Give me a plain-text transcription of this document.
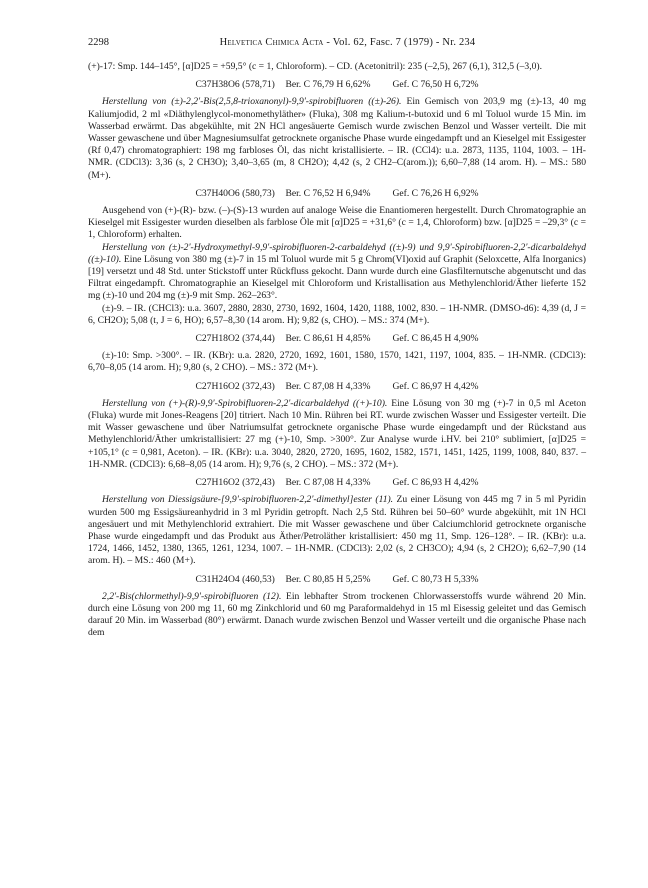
2298	Helvetica Chimica Acta - Vol. 62, Fasc. 7 (1979) - Nr. 234

(+)-17: Smp. 144–145°, [α]D25 = +59,5° (c = 1, Chloroform). – CD. (Acetonitril): 235 (–2,5), 267 (6,1), 312,5 (–3,0).

C37H38O6 (578,71) Ber. C 76,79 H 6,62% Gef. C 76,50 H 6,72%

Herstellung von (±)-2,2'-Bis(2,5,8-trioxanonyl)-9,9'-spirobifluoren ((±)-26). Ein Gemisch von 203,9 mg (±)-13, 40 mg Kaliumjodid, 2 ml «Diäthylenglycol-monomethyläther» (Fluka), 308 mg Kalium-t-butoxid und 6 ml Toluol wurde 15 Min. im Wasserbad erwärmt. Das abgekühlte, mit 2N HCl angesäuerte Gemisch wurde zwischen Benzol und Wasser verteilt. Die mit Wasser gewaschene und über Magnesiumsulfat getrocknete organische Phase wurde eingedampft und an Kieselgel mit Essigester (Rf 0,47) chromatographiert: 198 mg farbloses Öl, das nicht kristallisierte. – IR. (CCl4): u.a. 2873, 1135, 1104, 1003. – 1H-NMR. (CDCl3): 3,36 (s, 2 CH3O); 3,40–3,65 (m, 8 CH2O); 4,42 (s, 2 CH2–C(arom.)); 6,60–7,88 (14 arom. H). – MS.: 580 (M+).

C37H40O6 (580,73) Ber. C 76,52 H 6,94% Gef. C 76,26 H 6,92%

Ausgehend von (+)-(R)- bzw. (–)-(S)-13 wurden auf analoge Weise die Enantiomeren hergestellt. Durch Chromatographie an Kieselgel mit Essigester wurden dieselben als farblose Öle mit [α]D25 = +31,6° (c = 1,4, Chloroform) bzw. [α]D25 = –29,3° (c = 1, Chloroform) erhalten.

Herstellung von (±)-2'-Hydroxymethyl-9,9'-spirobifluoren-2-carbaldehyd ((±)-9) und 9,9'-Spirobifluoren-2,2'-dicarbaldehyd ((±)-10). Eine Lösung von 380 mg (±)-7 in 15 ml Toluol wurde mit 5 g Chrom(VI)oxid auf Graphit (Seloxcette, Alfa Inorganics) [19] versetzt und 48 Std. unter Stickstoff unter Rückfluss gekocht. Dann wurde durch eine Glasfilternutsche abgenutscht und das Filtrat eingedampft. Chromatographie an Kieselgel mit Chloroform und Kristallisation aus Methylenchlorid/Äther lieferte 152 mg (±)-10 und 204 mg (±)-9 mit Smp. 262–263°.

(±)-9. – IR. (CHCl3): u.a. 3607, 2880, 2830, 2730, 1692, 1604, 1420, 1188, 1002, 830. – 1H-NMR. (DMSO-d6): 4,39 (d, J = 6, CH2O); 5,08 (t, J = 6, HO); 6,57–8,30 (14 arom. H); 9,82 (s, CHO). – MS.: 374 (M+).

C27H18O2 (374,44) Ber. C 86,61 H 4,85% Gef. C 86,45 H 4,90%

(±)-10: Smp. >300°. – IR. (KBr): u.a. 2820, 2720, 1692, 1601, 1580, 1570, 1421, 1197, 1004, 835. – 1H-NMR. (CDCl3): 6,70–8,05 (14 arom. H); 9,80 (s, 2 CHO). – MS.: 372 (M+).

C27H16O2 (372,43) Ber. C 87,08 H 4,33% Gef. C 86,97 H 4,42%

Herstellung von (+)-(R)-9,9'-Spirobifluoren-2,2'-dicarbaldehyd ((+)-10). Eine Lösung von 30 mg (+)-7 in 0,5 ml Aceton (Fluka) wurde mit Jones-Reagens [20] titriert. Nach 10 Min. Rühren bei RT. wurde zwischen Wasser und Essigester verteilt. Die mit Wasser gewaschene und über Natriumsulfat getrocknete organische Phase wurde eingedampft und der Rückstand aus Methylenchlorid/Äther umkristallisiert: 27 mg (+)-10, Smp. >300°. Zur Analyse wurde i.HV. bei 210° sublimiert, [α]D25 = +105,1° (c = 0,981, Aceton). – IR. (KBr): u.a. 3040, 2820, 2720, 1695, 1602, 1582, 1571, 1451, 1425, 1199, 1008, 840, 837. – 1H-NMR. (CDCl3): 6,68–8,05 (14 arom. H); 9,76 (s, 2 CHO). – MS.: 372 (M+).

C27H16O2 (372,43) Ber. C 87,08 H 4,33% Gef. C 86,93 H 4,42%

Herstellung von Diessigsäure-[9,9'-spirobifluoren-2,2'-dimethyl]ester (11). Zu einer Lösung von 445 mg 7 in 5 ml Pyridin wurden 500 mg Essigsäureanhydrid in 3 ml Pyridin getropft. Nach 2,5 Std. Rühren bei 50–60° wurde abgekühlt, mit 1N HCl angesäuert und mit Methylenchlorid extrahiert. Die mit Wasser gewaschene und über Calciumchlorid getrocknete organische Phase wurde eingedampft und das Produkt aus Äther/Petroläther kristallisiert: 450 mg 11, Smp. 126–128°. – IR. (KBr): u.a. 1724, 1466, 1452, 1380, 1365, 1261, 1234, 1007. – 1H-NMR. (CDCl3): 2,02 (s, 2 CH3CO); 4,94 (s, 2 CH2O); 6,62–7,90 (14 arom. H). – MS.: 460 (M+).

C31H24O4 (460,53) Ber. C 80,85 H 5,25% Gef. C 80,73 H 5,33%

2,2'-Bis(chlormethyl)-9,9'-spirobifluoren (12). Ein lebhafter Strom trockenen Chlorwasserstoffs wurde während 20 Min. durch eine Lösung von 200 mg 11, 60 mg Zinkchlorid und 60 mg Paraformaldehyd in 15 ml Eisessig geleitet und das Gemisch darauf 20 Min. im Wasserbad (80°) erwärmt. Danach wurde zwischen Benzol und Wasser verteilt und die organische Phase nach dem
